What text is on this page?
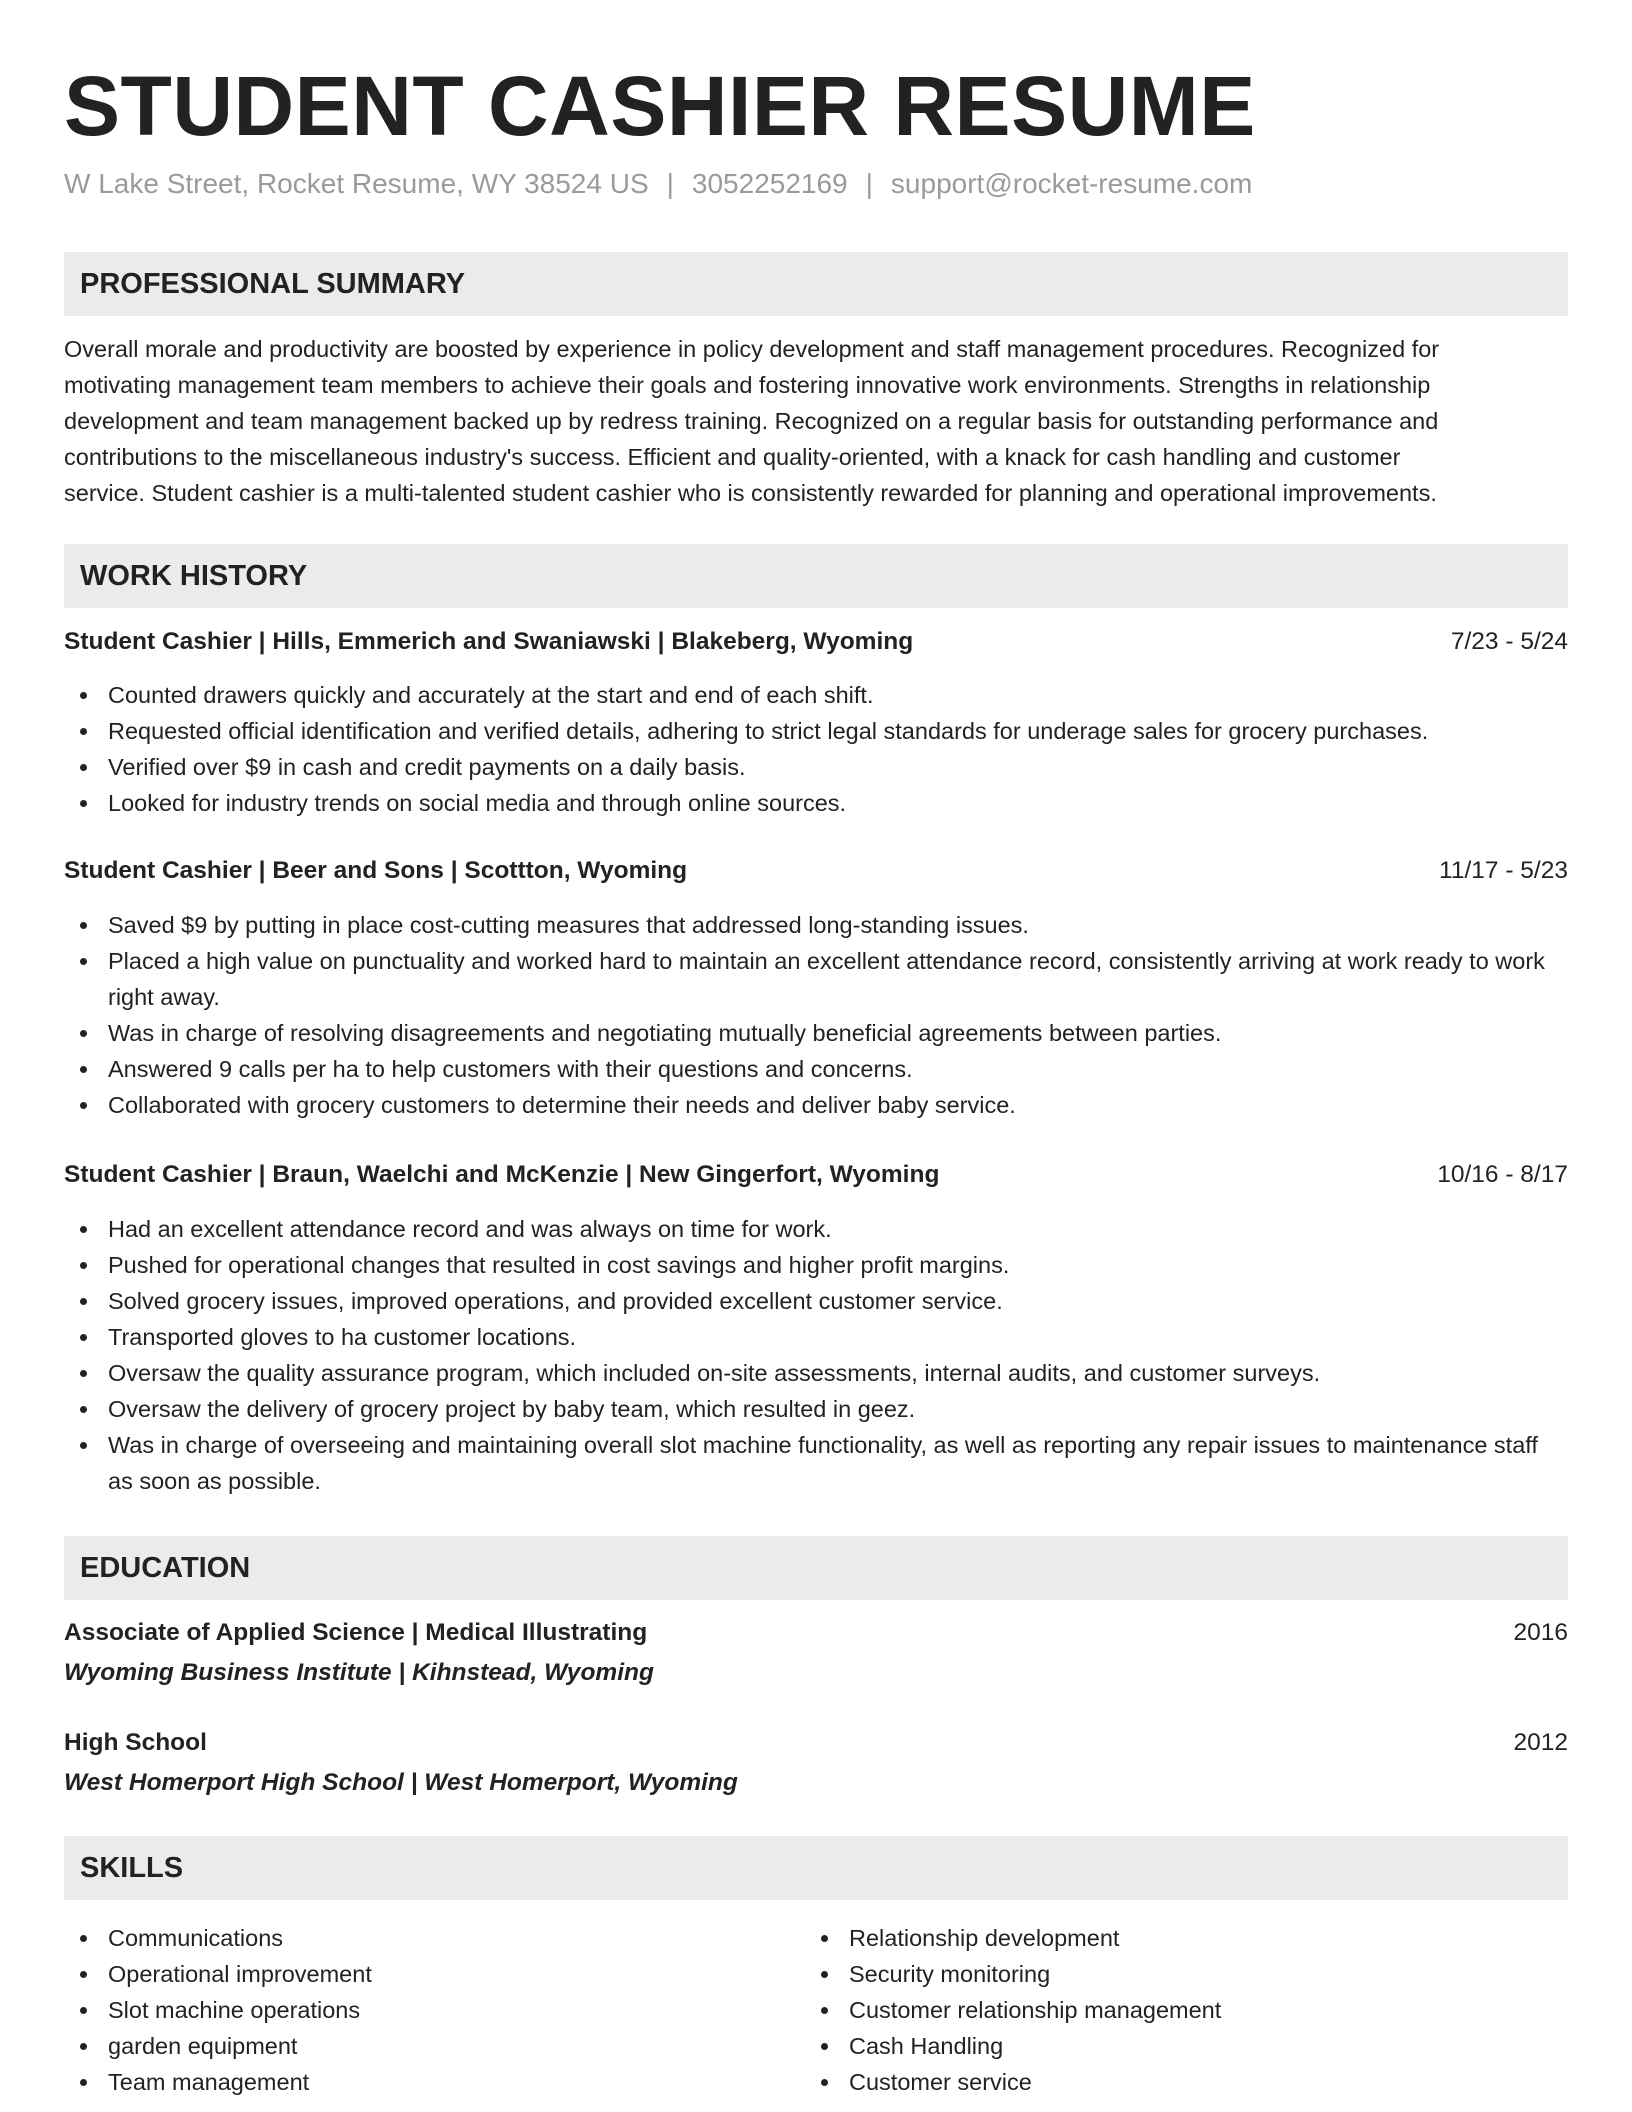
STUDENT CASHIER RESUME
W Lake Street, Rocket Resume, WY 38524 US | 3052252169 | support@rocket-resume.com
PROFESSIONAL SUMMARY
Overall morale and productivity are boosted by experience in policy development and staff management procedures. Recognized for
motivating management team members to achieve their goals and fostering innovative work environments. Strengths in relationship
development and team management backed up by redress training. Recognized on a regular basis for outstanding performance and
contributions to the miscellaneous industry's success. Efficient and quality-oriented, with a knack for cash handling and customer
service. Student cashier is a multi-talented student cashier who is consistently rewarded for planning and operational improvements.
WORK HISTORY
Student Cashier | Hills, Emmerich and Swaniawski | Blakeberg, Wyoming	7/23 - 5/24
Counted drawers quickly and accurately at the start and end of each shift.
Requested official identification and verified details, adhering to strict legal standards for underage sales for grocery purchases.
Verified over $9 in cash and credit payments on a daily basis.
Looked for industry trends on social media and through online sources.
Student Cashier | Beer and Sons | Scottton, Wyoming	11/17 - 5/23
Saved $9 by putting in place cost-cutting measures that addressed long-standing issues.
Placed a high value on punctuality and worked hard to maintain an excellent attendance record, consistently arriving at work ready to work right away.
Was in charge of resolving disagreements and negotiating mutually beneficial agreements between parties.
Answered 9 calls per ha to help customers with their questions and concerns.
Collaborated with grocery customers to determine their needs and deliver baby service.
Student Cashier | Braun, Waelchi and McKenzie | New Gingerfort, Wyoming	10/16 - 8/17
Had an excellent attendance record and was always on time for work.
Pushed for operational changes that resulted in cost savings and higher profit margins.
Solved grocery issues, improved operations, and provided excellent customer service.
Transported gloves to ha customer locations.
Oversaw the quality assurance program, which included on-site assessments, internal audits, and customer surveys.
Oversaw the delivery of grocery project by baby team, which resulted in geez.
Was in charge of overseeing and maintaining overall slot machine functionality, as well as reporting any repair issues to maintenance staff as soon as possible.
EDUCATION
Associate of Applied Science | Medical Illustrating	2016
Wyoming Business Institute | Kihnstead, Wyoming
High School	2012
West Homerport High School | West Homerport, Wyoming
SKILLS
Communications
Operational improvement
Slot machine operations
garden equipment
Team management
Relationship development
Security monitoring
Customer relationship management
Cash Handling
Customer service
